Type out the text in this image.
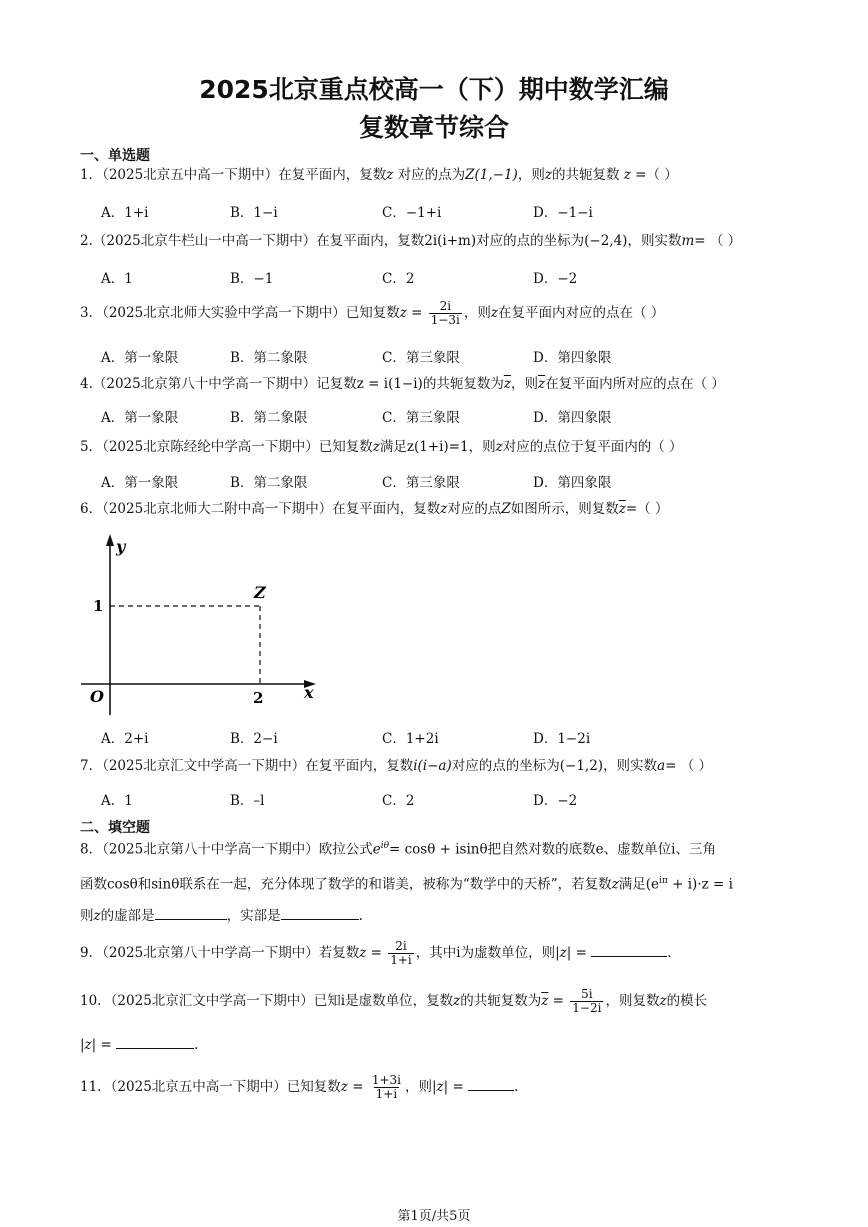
2025北京重点校高一（下）期中数学汇编
复数章节综合
一、单选题
1．（2025北京五中高一下期中）在复平面内，复数z 对应的点为Z(1,−1)，则z的共轭复数 z =（ ）
A．1+i	B．1−i	C．−1+i	D．−1−i
2.（2025北京牛栏山一中高一下期中）在复平面内，复数2i(i+m)对应的点的坐标为(−2,4)，则实数m= （ ）
A．1	B．−1	C．2	D．−2
3．（2025北京北师大实验中学高一下期中）已知复数$z = \frac{2i}{1-3i}$ ，则z在复平面内对应的点在（ ）
A．第一象限	B．第二象限	C．第三象限	D．第四象限
4.（2025北京第八十中学高一下期中）记复数z = i(1−i)的共轭复数为$\overline{z}$，则$\overline{z}$在复平面内所对应的点在（ ）
A．第一象限	B．第二象限	C．第三象限	D．第四象限
5．（2025北京陈经纶中学高一下期中）已知复数z满足z(1+i)=1，则z对应的点位于复平面内的（ ）
A．第一象限	B．第二象限	C．第三象限	D．第四象限
6．（2025北京北师大二附中高一下期中）在复平面内，复数z对应的点Z如图所示，则复数$\overline{z}=$（ ）
y
x
O
1
2
Z
A．2+i	B．2−i	C．1+2i	D．1−2i
7．（2025北京汇文中学高一下期中）在复平面内，复数i(i−a)对应的点的坐标为(−1,2)，则实数a= （ ）
A．1	B．–l	C．2	D．−2
二、填空题
8．（2025北京第八十中学高一下期中）欧拉公式$e^{i\theta}= \cos\theta + isin\theta$把自然对数的底数e、虚数单位i、三角
函数cosθ和sinθ联系在一起，充分体现了数学的和谐美，被称为“数学中的天桥”，若复数z满足$(e^{i\pi} + i)\cdot z = i$
则z的虚部是	，实部是	.
9．（2025北京第八十中学高一下期中）若复数$z = \frac{2i}{1+i}$ ，其中i为虚数单位，则|z| =	.
10．（2025北京汇文中学高一下期中）已知i是虚数单位，复数z的共轭复数为$\overline{z} = \frac{5i}{1-2i}$ ，则复数z的模长
|z| =	.
11．（2025北京五中高一下期中）已知复数$z = \frac{1+3i}{1+i}$ ，则|z| =	.
第1页/共5页
